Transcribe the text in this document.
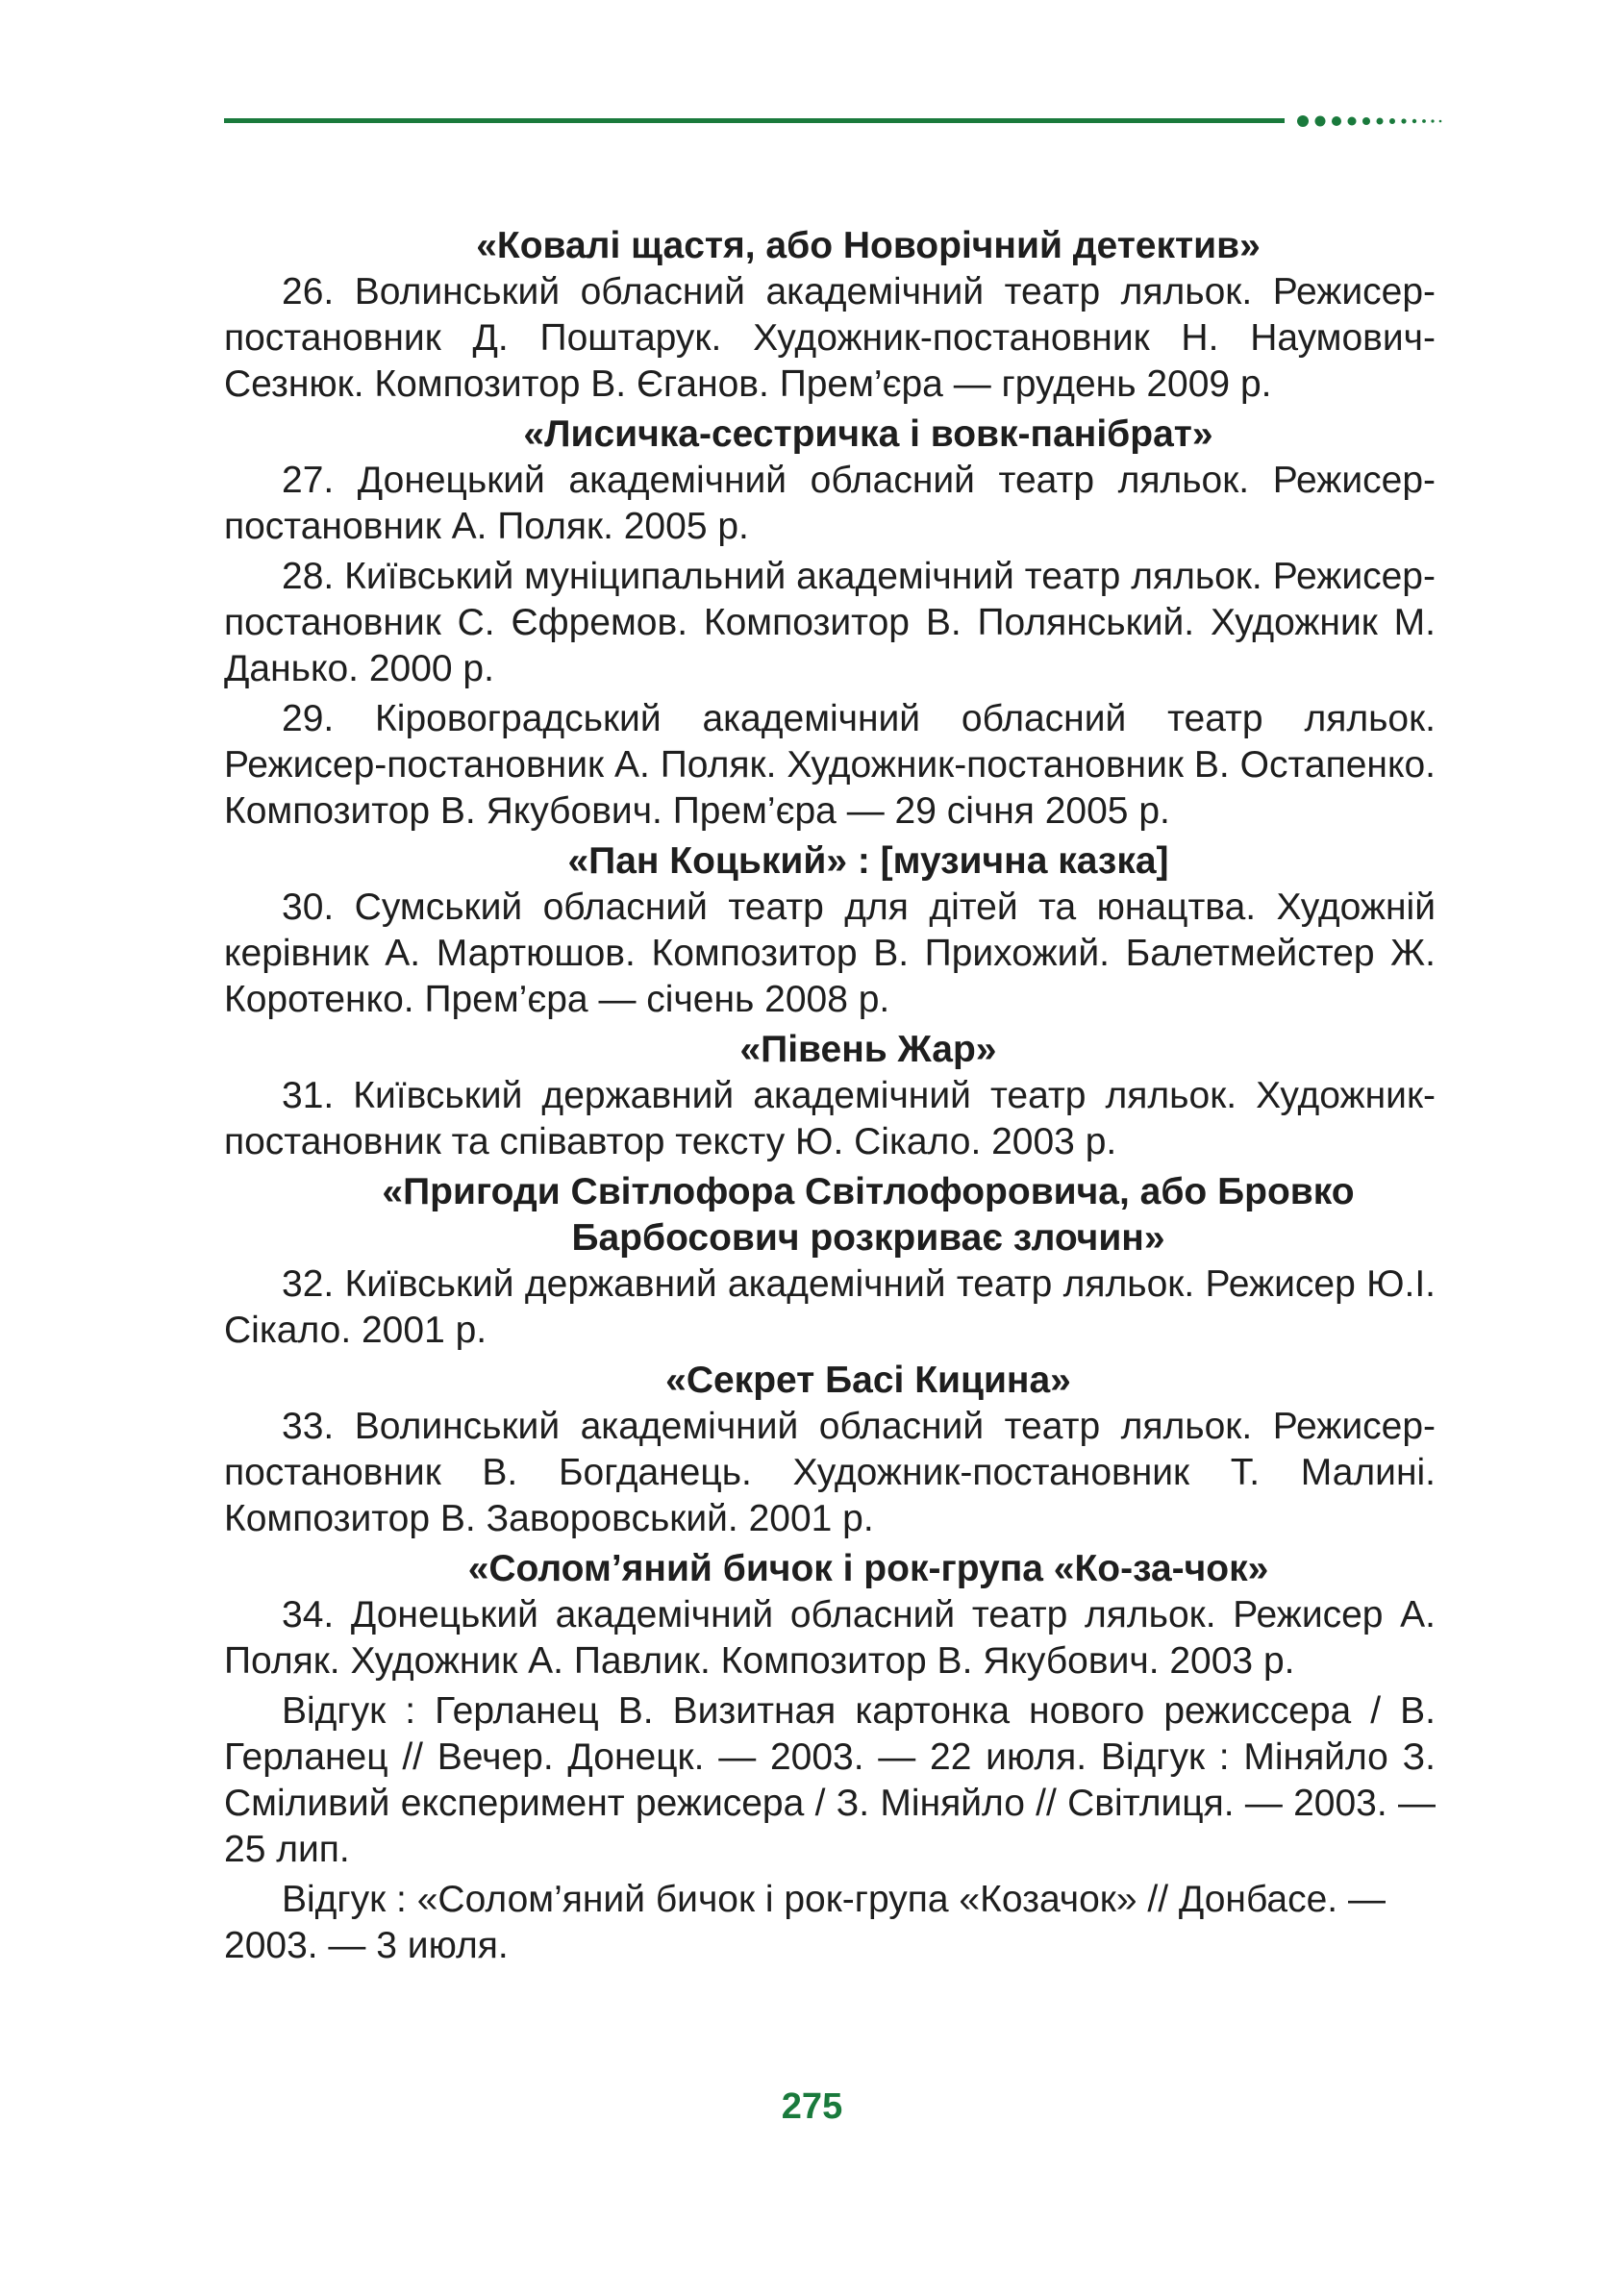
«Ковалі щастя, або Новорічний детектив»

26. Волинський обласний академічний театр ляльок. Режисер-постановник Д. Поштарук. Художник-постановник Н. Наумович-Сезнюк. Композитор В. Єганов. Прем’єра — грудень 2009 р.

«Лисичка-сестричка і вовк-панібрат»

27. Донецький академічний обласний театр ляльок. Режисер-постановник А. Поляк. 2005 р.

28. Київський муніципальний академічний театр ляльок. Режисер-постановник С. Єфремов. Композитор В. Полянський. Художник М. Данько. 2000 р.

29. Кіровоградський академічний обласний театр ляльок. Режисер-постановник А. Поляк. Художник-постановник В. Остапенко. Композитор В. Якубович. Прем’єра — 29 січня 2005 р.

«Пан Коцький» : [музична казка]

30. Сумський обласний театр для дітей та юнацтва. Художній керівник А. Мартюшов. Композитор В. Прихожий. Балетмейстер Ж. Коротенко. Прем’єра — січень 2008 р.

«Півень Жар»

31. Київський державний академічний театр ляльок. Художник-постановник та співавтор тексту Ю. Сікало. 2003 р.

«Пригоди Світлофора Світлофоровича, або Бровко Барбосович розкриває злочин»

32. Київський державний академічний театр ляльок. Режисер Ю.І. Сікало. 2001 р.

«Секрет Басі Кицина»

33. Волинський академічний обласний театр ляльок. Режисер-постановник В. Богданець. Художник-постановник Т. Малині. Композитор В. Заворовський. 2001 р.

«Солом’яний бичок і рок-група «Ко-за-чок»

34. Донецький академічний обласний театр ляльок. Режисер А. Поляк. Художник А. Павлик. Композитор В. Якубович. 2003 р.

Відгук : Герланец В. Визитная картонка нового режиссера / В. Герланец // Вечер. Донецк. — 2003. — 22 июля. Відгук : Міняйло З. Сміливий експеримент режисера / З. Міняйло // Світлиця. — 2003. — 25 лип.

Відгук : «Солом’яний бичок і рок-група «Козачок» // Донбасе. — 2003. — 3 июля.

275
